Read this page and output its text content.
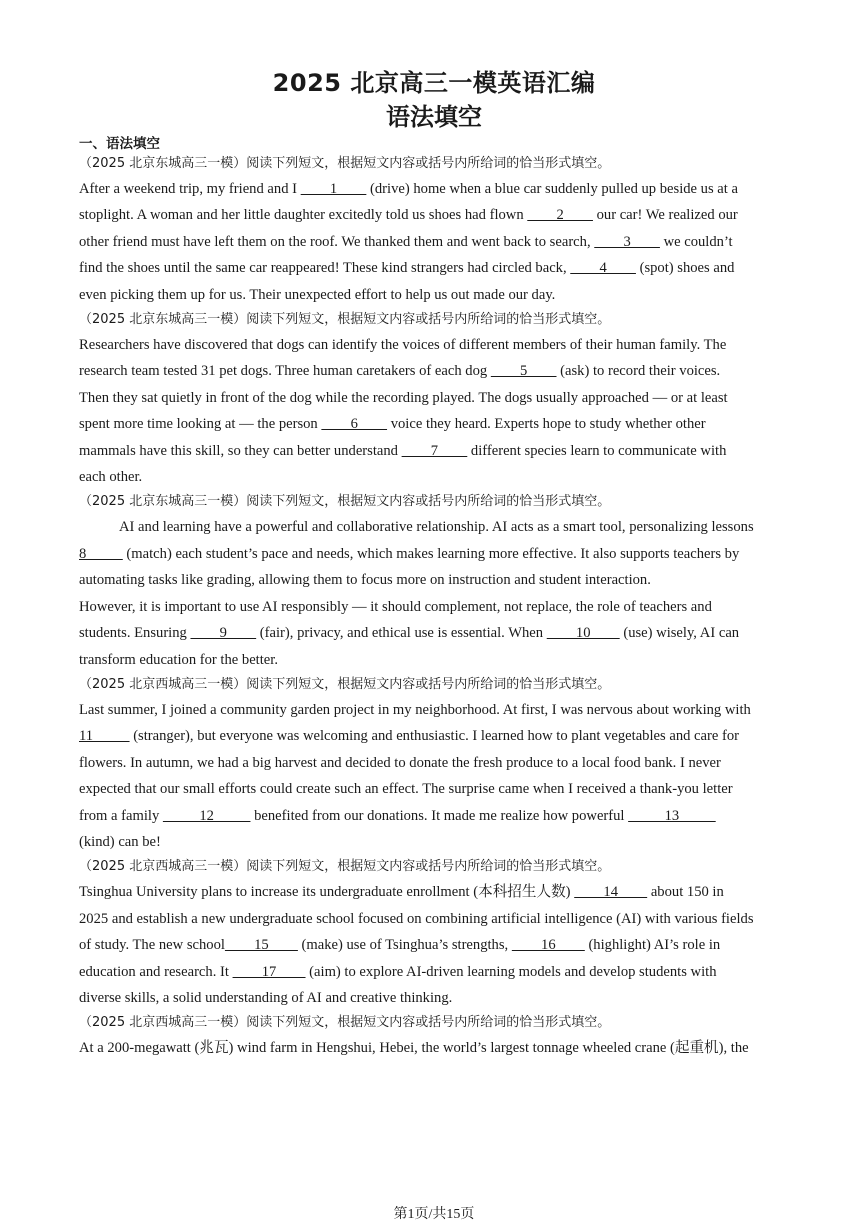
2025 北京高三一模英语汇编
语法填空
一、语法填空

（2025 北京东城高三一模）阅读下列短文，根据短文内容或括号内所给词的恰当形式填空。

After a weekend trip, my friend and I         1         (drive) home when a blue car suddenly pulled up beside us at a
stoplight. A woman and her little daughter excitedly told us shoes had flown         2         our car! We realized our
other friend must have left them on the roof. We thanked them and went back to search,         3         we couldn’t
find the shoes until the same car reappeared! These kind strangers had circled back,         4         (spot) shoes and
even picking them up for us. Their unexpected effort to help us out made our day.

（2025 北京东城高三一模）阅读下列短文，根据短文内容或括号内所给词的恰当形式填空。

Researchers have discovered that dogs can identify the voices of different members of their human family. The
research team tested 31 pet dogs. Three human caretakers of each dog         5         (ask) to record their voices.
Then they sat quietly in front of the dog while the recording played. The dogs usually approached — or at least
spent more time looking at — the person         6         voice they heard. Experts hope to study whether other
mammals have this skill, so they can better understand         7         different species learn to communicate with
each other.

（2025 北京东城高三一模）阅读下列短文，根据短文内容或括号内所给词的恰当形式填空。

AI and learning have a powerful and collaborative relationship. AI acts as a smart tool, personalizing lessons
8           (match) each student’s pace and needs, which makes learning more effective. It also supports teachers by
automating tasks like grading, allowing them to focus more on instruction and student interaction.
However, it is important to use AI responsibly — it should complement, not replace, the role of teachers and
students. Ensuring         9         (fair), privacy, and ethical use is essential. When         10         (use) wisely, AI can
transform education for the better.

（2025 北京西城高三一模）阅读下列短文，根据短文内容或括号内所给词的恰当形式填空。

Last summer, I joined a community garden project in my neighborhood. At first, I was nervous about working with
11           (stranger), but everyone was welcoming and enthusiastic. I learned how to plant vegetables and care for
flowers. In autumn, we had a big harvest and decided to donate the fresh produce to a local food bank. I never
expected that our small efforts could create such an effect. The surprise came when I received a thank-you letter
from a family           12           benefited from our donations. It made me realize how powerful           13
(kind) can be!

（2025 北京西城高三一模）阅读下列短文，根据短文内容或括号内所给词的恰当形式填空。

Tsinghua University plans to increase its undergraduate enrollment (本科招生人数)         14         about 150 in
2025 and establish a new undergraduate school focused on combining artificial intelligence (AI) with various fields
of study. The new school        15         (make) use of Tsinghua’s strengths,         16         (highlight) AI’s role in
education and research. It         17         (aim) to explore AI-driven learning models and develop students with
diverse skills, a solid understanding of AI and creative thinking.

（2025 北京西城高三一模）阅读下列短文，根据短文内容或括号内所给词的恰当形式填空。

At a 200-megawatt (兆瓦) wind farm in Hengshui, Hebei, the world’s largest tonnage wheeled crane (起重机), the
第1页/共15页
